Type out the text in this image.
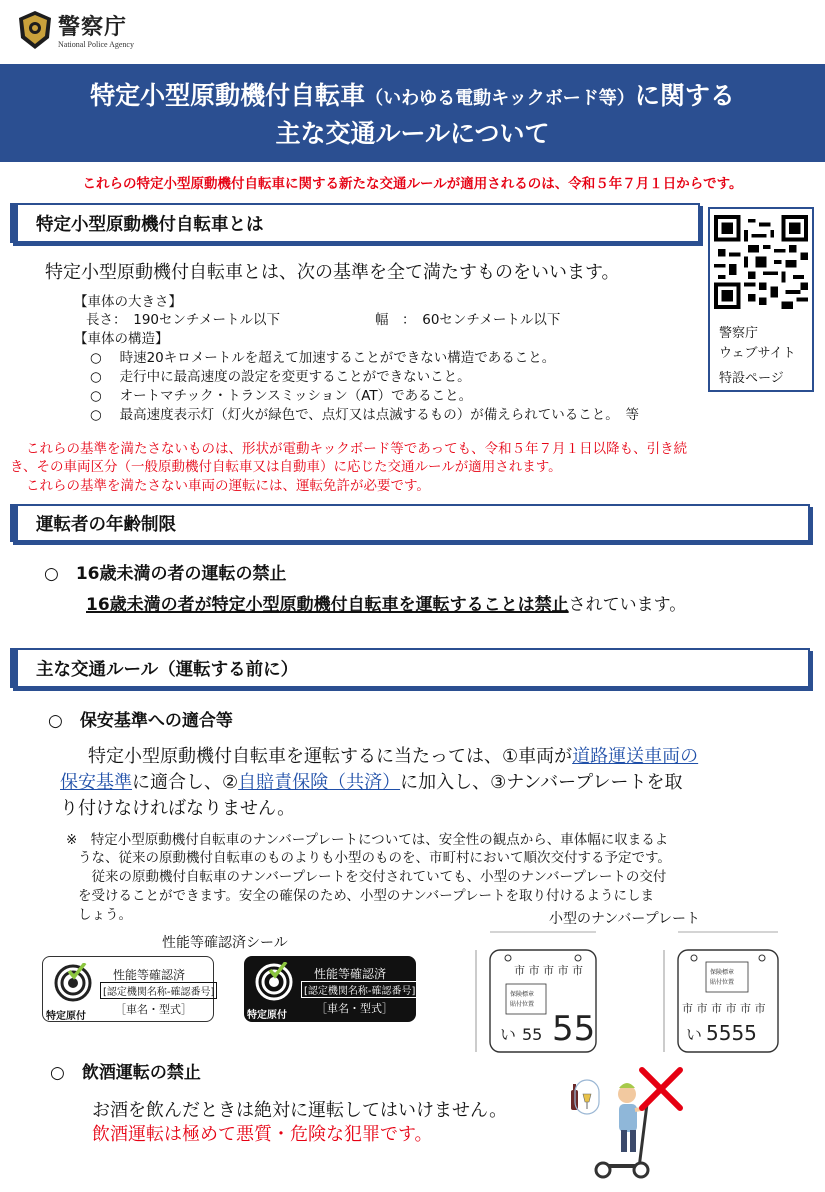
警察庁
National Police Agency
特定小型原動機付自転車（いわゆる電動キックボード等）に関する
主な交通ルールについて
これらの特定小型原動機付自転車に関する新たな交通ルールが適用されるのは、令和５年７月１日からです。
特定小型原動機付自転車とは
警察庁
ウェブサイト
特設ページ
特定小型原動機付自転車とは、次の基準を全て満たすものをいいます。
【車体の大きさ】
長さ：　190センチメートル以下	幅　：　60センチメートル以下
【車体の構造】
○　 時速20キロメートルを超えて加速することができない構造であること。
○　 走行中に最高速度の設定を変更することができないこと。
○　 オートマチック・トランスミッション（AT）であること。
○　 最高速度表示灯（灯火が緑色で、点灯又は点滅するもの）が備えられていること。　等
これらの基準を満たさないものは、形状が電動キックボード等であっても、令和５年７月１日以降も、引き続
き、その車両区分（一般原動機付自転車又は自動車）に応じた交通ルールが適用されます。
これらの基準を満たさない車両の運転には、運転免許が必要です。
運転者の年齢制限
○　 16歳未満の者の運転の禁止
16歳未満の者が特定小型原動機付自転車を運転することは禁止されています。
主な交通ルール（運転する前に）
○　 保安基準への適合等
特定小型原動機付自転車を運転するに当たっては、①車両が道路運送車両の
保安基準に適合し、②自賠責保険（共済）に加入し、③ナンバープレートを取
り付けなければなりません。
※　特定小型原動機付自転車のナンバープレートについては、安全性の観点から、車体幅に収まるよ
うな、従来の原動機付自転車のものよりも小型のものを、市町村において順次交付する予定です。
　従来の原動機付自転車のナンバープレートを交付されていても、小型のナンバープレートの交付
を受けることができます。安全の確保のため、小型のナンバープレートを取り付けるようにしま
しょう。	小型のナンバープレート
性能等確認済シール
性能等確認済
[認定機関名称-確認番号]
［車名・型式］
特定原付
性能等確認済
[認定機関名称-確認番号]
［車名・型式］
特定原付
市 市 市 市 市
保険標章
貼付位置
い 55 55
保険標章
貼付位置
市 市 市 市 市 市
い 5555
○　 飲酒運転の禁止
お酒を飲んだときは絶対に運転してはいけません。
飲酒運転は極めて悪質・危険な犯罪です。
